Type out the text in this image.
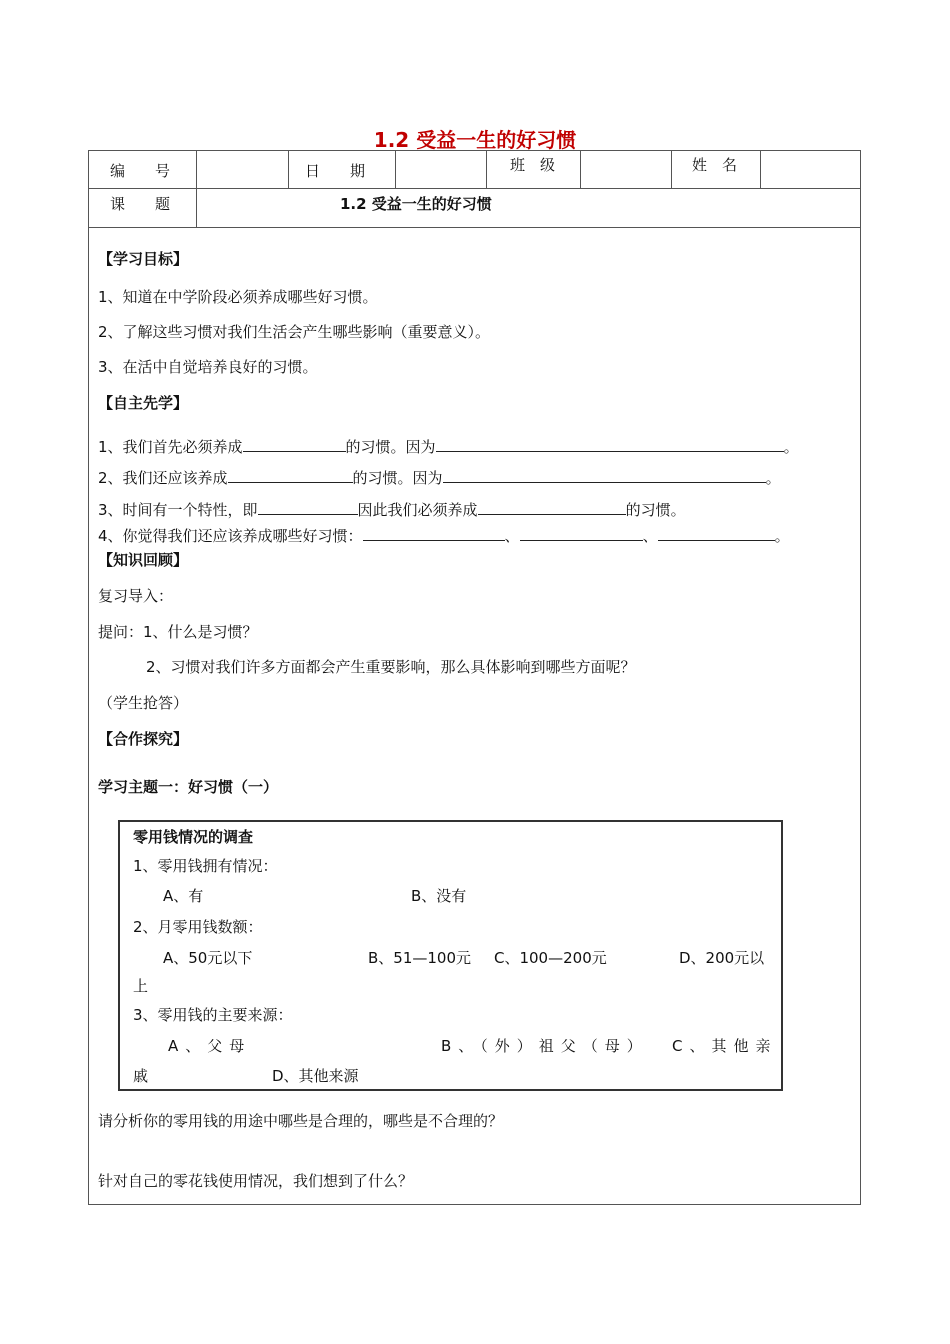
1.2 受益一生的好习惯
编　　号	日　　期	班　级	姓　名
课　　题	1.2 受益一生的好习惯
【学习目标】
1、知道在中学阶段必须养成哪些好习惯。
2、了解这些习惯对我们生活会产生哪些影响（重要意义）。
3、在活中自觉培养良好的习惯。
【自主先学】
1、我们首先必须养成	的习惯。因为	。
2、我们还应该养成	的习惯。因为	。
3、时间有一个特性，即	因此我们必须养成	的习惯。
4、你觉得我们还应该养成哪些好习惯：	、	、	。
【知识回顾】
复习导入：
提问：1、什么是习惯？
2、习惯对我们许多方面都会产生重要影响，那么具体影响到哪些方面呢？
（学生抢答）
【合作探究】
学习主题一：好习惯（一）
零用钱情况的调查
1、零用钱拥有情况：
A、有	B、没有
2、月零用钱数额：
A、50元以下	B、51—100元 C、100—200元	D、200元以
上
3、零用钱的主要来源：
A、父母	B、（外）祖父（母） C、其他亲
戚	D、其他来源
请分析你的零用钱的用途中哪些是合理的，哪些是不合理的？
针对自己的零花钱使用情况，我们想到了什么？
